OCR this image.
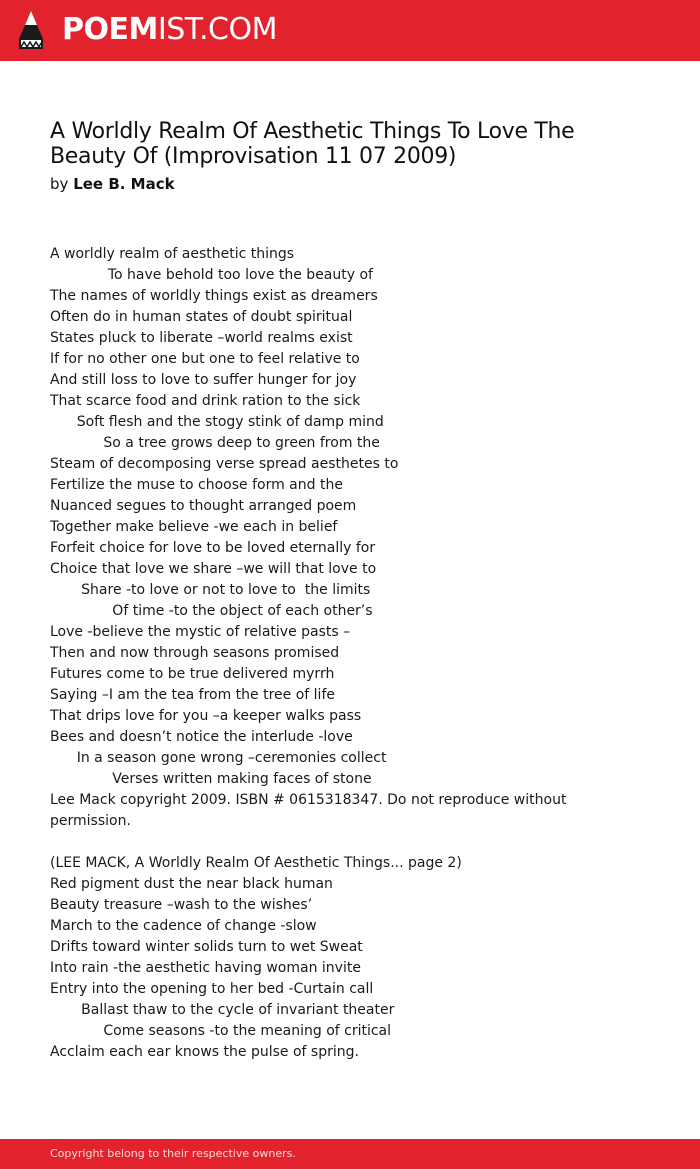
POEMIST.COM
A Worldly Realm Of Aesthetic Things To Love The Beauty Of (Improvisation 11 07 2009)
by Lee B. Mack
A worldly realm of aesthetic things
To have behold too love the beauty of
The names of worldly things exist as dreamers
Often do in human states of doubt spiritual
States pluck to liberate –world realms exist
If for no other one but one to feel relative to
And still loss to love to suffer hunger for joy
That scarce food and drink ration to the sick
Soft flesh and the stogy stink of damp mind
So a tree grows deep to green from the
Steam of decomposing verse spread aesthetes to
Fertilize the muse to choose form and the
Nuanced segues to thought arranged poem
Together make believe -we each in belief
Forfeit choice for love to be loved eternally for
Choice that love we share –we will that love to
Share -to love or not to love to  the limits
Of time -to the object of each other’s
Love -believe the mystic of relative pasts –
Then and now through seasons promised
Futures come to be true delivered myrrh
Saying –I am the tea from the tree of life
That drips love for you –a keeper walks pass
Bees and doesn’t notice the interlude -love
In a season gone wrong –ceremonies collect
Verses written making faces of stone
Lee Mack copyright 2009. ISBN # 0615318347. Do not reproduce without permission.
(LEE MACK, A Worldly Realm Of Aesthetic Things... page 2)
Red pigment dust the near black human
Beauty treasure –wash to the wishes’
March to the cadence of change -slow
Drifts toward winter solids turn to wet Sweat
Into rain -the aesthetic having woman invite
Entry into the opening to her bed -Curtain call
Ballast thaw to the cycle of invariant theater
Come seasons -to the meaning of critical
Acclaim each ear knows the pulse of spring.
Copyright belong to their respective owners.
